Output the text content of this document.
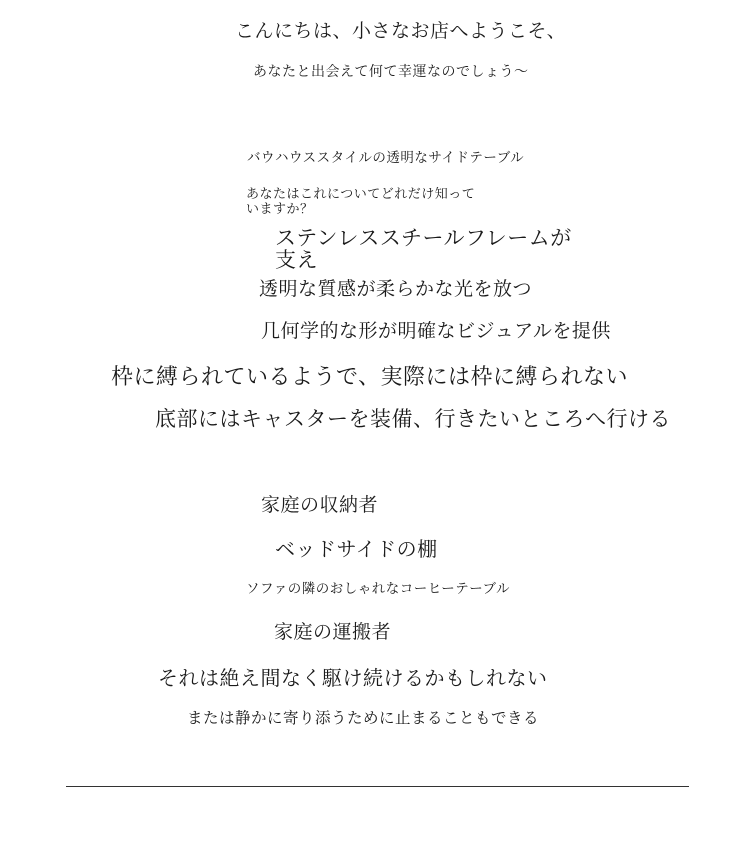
こんにちは、小さなお店へようこそ、
あなたと出会えて何て幸運なのでしょう〜
バウハウススタイルの透明なサイドテーブル
あなたはこれについてどれだけ知っていますか？
ステンレススチールフレームが支え
透明な質感が柔らかな光を放つ
几何学的な形が明確なビジュアルを提供
枠に縛られているようで、実際には枠に縛られない
底部にはキャスターを装備、行きたいところへ行ける
家庭の収納者
ベッドサイドの棚
ソファの隣のおしゃれなコーヒーテーブル
家庭の運搬者
それは絶え間なく駆け続けるかもしれない
または静かに寄り添うために止まることもできる
